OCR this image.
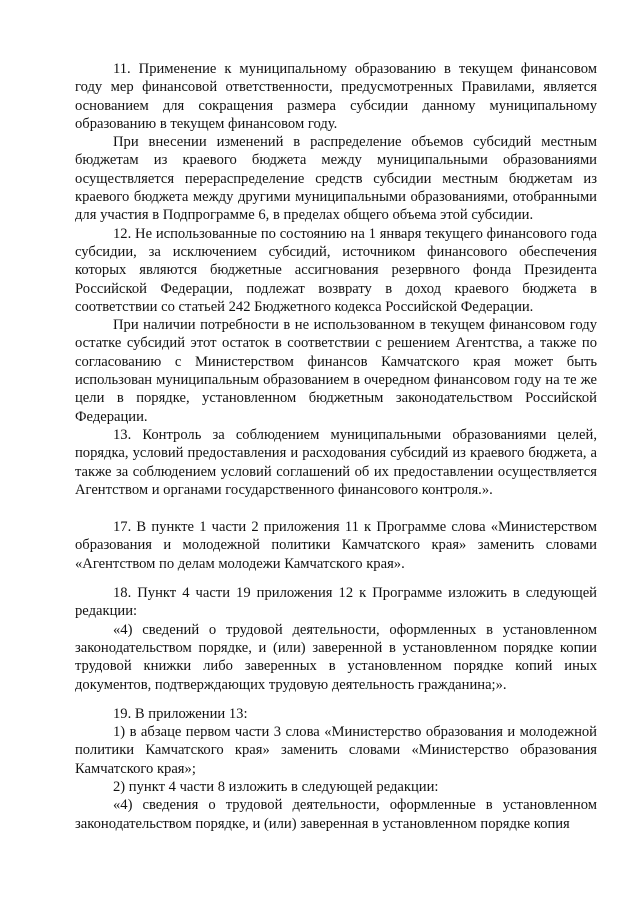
11. Применение к муниципальному образованию в текущем финансовом году мер финансовой ответственности, предусмотренных Правилами, является основанием для сокращения размера субсидии данному муниципальному образованию в текущем финансовом году.

При внесении изменений в распределение объемов субсидий местным бюджетам из краевого бюджета между муниципальными образованиями осуществляется перераспределение средств субсидии местным бюджетам из краевого бюджета между другими муниципальными образованиями, отобранными для участия в Подпрограмме 6, в пределах общего объема этой субсидии.

12. Не использованные по состоянию на 1 января текущего финансового года субсидии, за исключением субсидий, источником финансового обеспечения которых являются бюджетные ассигнования резервного фонда Президента Российской Федерации, подлежат возврату в доход краевого бюджета в соответствии со статьей 242 Бюджетного кодекса Российской Федерации.

При наличии потребности в не использованном в текущем финансовом году остатке субсидий этот остаток в соответствии с решением Агентства, а также по согласованию с Министерством финансов Камчатского края может быть использован муниципальным образованием в очередном финансовом году на те же цели в порядке, установленном бюджетным законодательством Российской Федерации.

13. Контроль за соблюдением муниципальными образованиями целей, порядка, условий предоставления и расходования субсидий из краевого бюджета, а также за соблюдением условий соглашений об их предоставлении осуществляется Агентством и органами государственного финансового контроля.».

17. В пункте 1 части 2 приложения 11 к Программе слова «Министерством образования и молодежной политики Камчатского края» заменить словами «Агентством по делам молодежи Камчатского края».

18. Пункт 4 части 19 приложения 12 к Программе изложить в следующей редакции:

«4) сведений о трудовой деятельности, оформленных в установленном законодательством порядке, и (или) заверенной в установленном порядке копии трудовой книжки либо заверенных в установленном порядке копий иных документов, подтверждающих трудовую деятельность гражданина;».

19. В приложении 13:

1) в абзаце первом части 3 слова «Министерство образования и молодежной политики Камчатского края» заменить словами «Министерство образования Камчатского края»;

2) пункт 4 части 8 изложить в следующей редакции:

«4) сведения о трудовой деятельности, оформленные в установленном законодательством порядке, и (или) заверенная в установленном порядке копия
